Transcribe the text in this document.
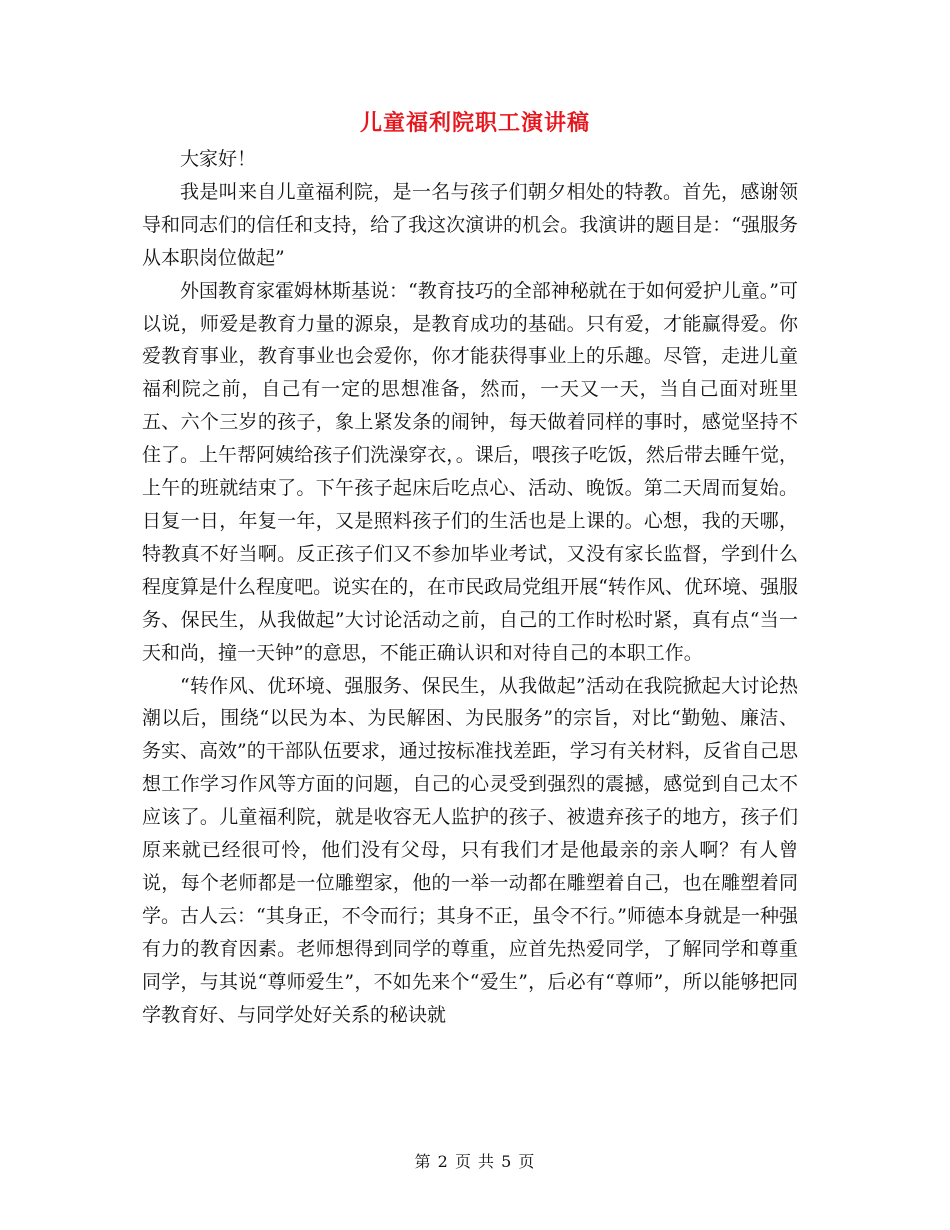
儿童福利院职工演讲稿

大家好！

我是叫来自儿童福利院，是一名与孩子们朝夕相处的特教。首先，感谢领导和同志们的信任和支持，给了我这次演讲的机会。我演讲的题目是：“强服务从本职岗位做起”

外国教育家霍姆林斯基说：“教育技巧的全部神秘就在于如何爱护儿童。”可以说，师爱是教育力量的源泉，是教育成功的基础。只有爱，才能赢得爱。你爱教育事业，教育事业也会爱你，你才能获得事业上的乐趣。尽管，走进儿童福利院之前，自己有一定的思想准备，然而，一天又一天，当自己面对班里五、六个三岁的孩子，象上紧发条的闹钟，每天做着同样的事时，感觉坚持不住了。上午帮阿姨给孩子们洗澡穿衣，。课后，喂孩子吃饭，然后带去睡午觉，上午的班就结束了。下午孩子起床后吃点心、活动、晚饭。第二天周而复始。日复一日，年复一年，又是照料孩子们的生活也是上课的。心想，我的天哪，特教真不好当啊。反正孩子们又不参加毕业考试，又没有家长监督，学到什么程度算是什么程度吧。说实在的，在市民政局党组开展“转作风、优环境、强服务、保民生，从我做起”大讨论活动之前，自己的工作时松时紧，真有点“当一天和尚，撞一天钟”的意思，不能正确认识和对待自己的本职工作。

“转作风、优环境、强服务、保民生，从我做起”活动在我院掀起大讨论热潮以后，围绕“以民为本、为民解困、为民服务”的宗旨，对比“勤勉、廉洁、务实、高效”的干部队伍要求，通过按标准找差距，学习有关材料，反省自己思想工作学习作风等方面的问题，自己的心灵受到强烈的震撼，感觉到自己太不应该了。儿童福利院，就是收容无人监护的孩子、被遗弃孩子的地方，孩子们原来就已经很可怜，他们没有父母，只有我们才是他最亲的亲人啊？有人曾说，每个老师都是一位雕塑家，他的一举一动都在雕塑着自己，也在雕塑着同学。古人云：“其身正，不令而行；其身不正，虽令不行。”师德本身就是一种强有力的教育因素。老师想得到同学的尊重，应首先热爱同学，了解同学和尊重同学，与其说“尊师爱生”，不如先来个“爱生”，后必有“尊师”，所以能够把同学教育好、与同学处好关系的秘诀就

第 2 页 共 5 页
